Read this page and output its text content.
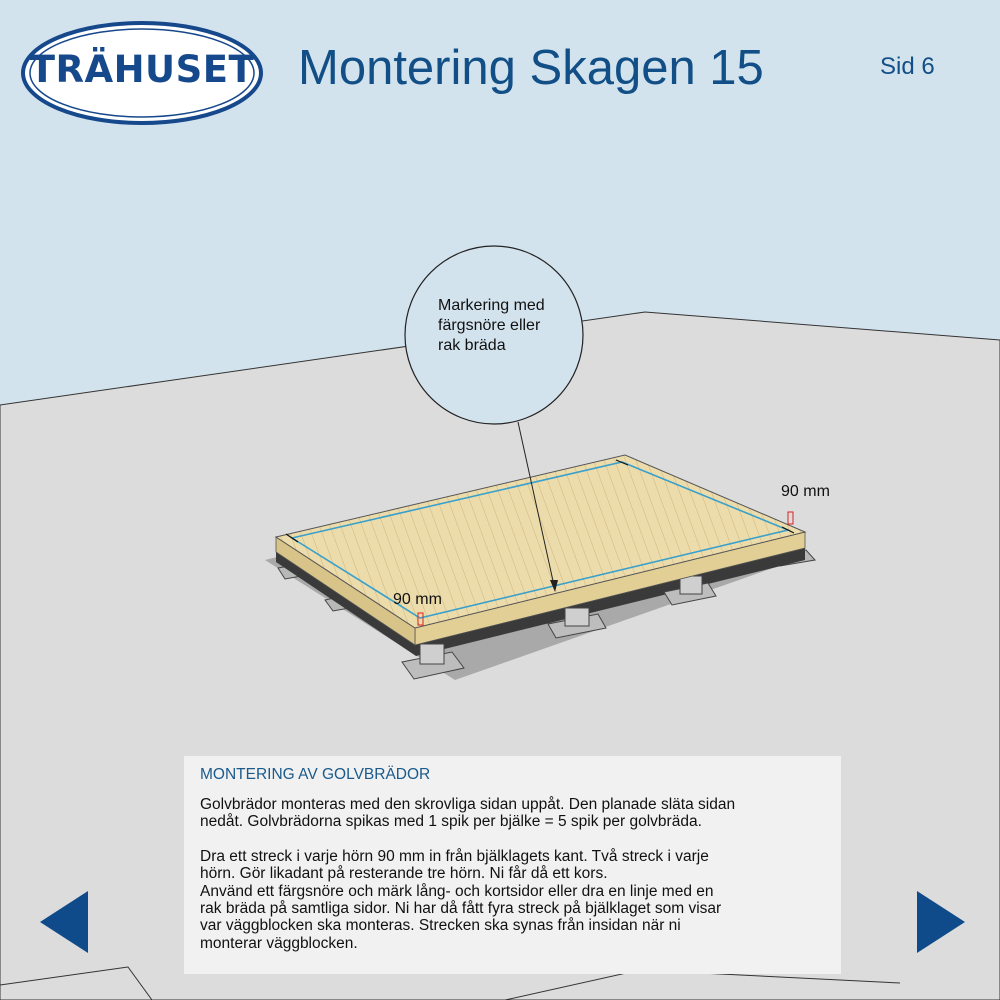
TRÄHUSET Montering Skagen 15	Sid 6
Markering med
färgsnöre eller
rak bräda
90 mm
90 mm
MONTERING AV GOLVBRÄDOR

Golvbrädor monteras med den skrovliga sidan uppåt. Den planade släta sidan
nedåt. Golvbrädorna spikas med 1 spik per bjälke = 5 spik per golvbräda.

Dra ett streck i varje hörn 90 mm in från bjälklagets kant. Två streck i varje
hörn. Gör likadant på resterande tre hörn. Ni får då ett kors.
Använd ett färgsnöre och märk lång- och kortsidor eller dra en linje med en
rak bräda på samtliga sidor. Ni har då fått fyra streck på bjälklaget som visar
var väggblocken ska monteras. Strecken ska synas från insidan när ni
monterar väggblocken.
